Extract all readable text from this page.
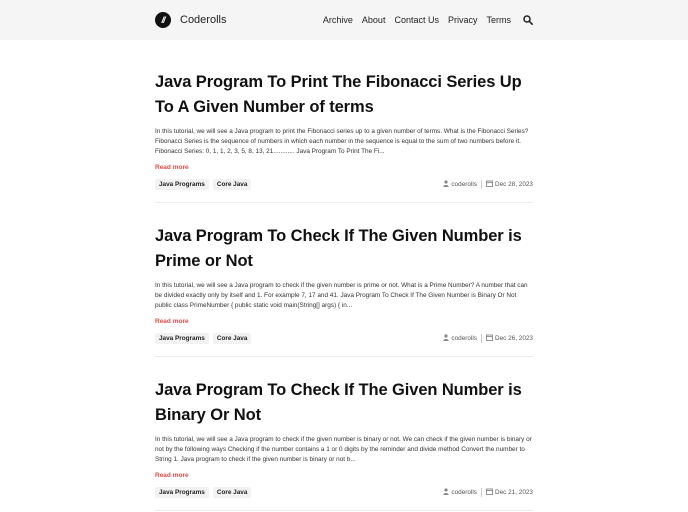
//	Coderolls	Archive About Contact Us Privacy Terms
Java Program To Print The Fibonacci Series Up To A Given Number of terms

In this tutorial, we will see a Java program to print the Fibonacci series up to a given number of terms. What is the Fibonacci Series? Fibonacci Series is the sequence of numbers in which each number in the sequence is equal to the sum of two numbers before it. Fibonacci Series: 0, 1, 1, 2, 3, 5, 8, 13, 21............ Java Program To Print The Fi...

Read more
Java Programs	Core Java	coderolls	Dec 28, 2023
Java Program To Check If The Given Number is Prime or Not

In this tutorial, we will see a Java program to check if the given number is prime or not. What is a Prime Number? A number that can be divided exactly only by itself and 1. For example 7, 17 and 41. Java Program To Check If The Given Number is Binary Or Not public class PrimeNumber { public static void main(String[] args) { in...

Read more
Java Programs	Core Java	coderolls	Dec 26, 2023
Java Program To Check If The Given Number is Binary Or Not

In this tutorial, we will see a Java program to check if the given number is binary or not. We can check if the given number is binary or not by the following ways Checking if the number contains a 1 or 0 digits by the reminder and divide method Convert the number to String 1. Java program to check if the given number is binary or not b...

Read more
Java Programs	Core Java	coderolls	Dec 21, 2023
